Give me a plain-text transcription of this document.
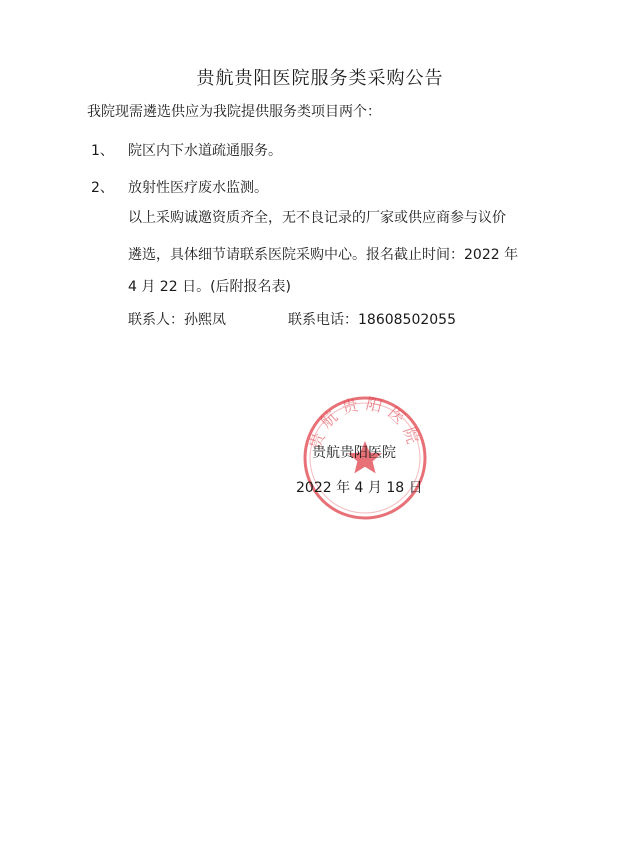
贵航贵阳医院服务类采购公告
我院现需遴选供应为我院提供服务类项目两个：
1、 院区内下水道疏通服务。
2、 放射性医疗废水监测。
以上采购诚邀资质齐全，无不良记录的厂家或供应商参与议价
遴选，具体细节请联系医院采购中心。报名截止时间：2022 年
4 月 22 日。(后附报名表)
联系人：孙熙凤	联系电话：18608502055
贵航贵阳医院
贵航贵阳医院
2022 年 4 月 18 日
